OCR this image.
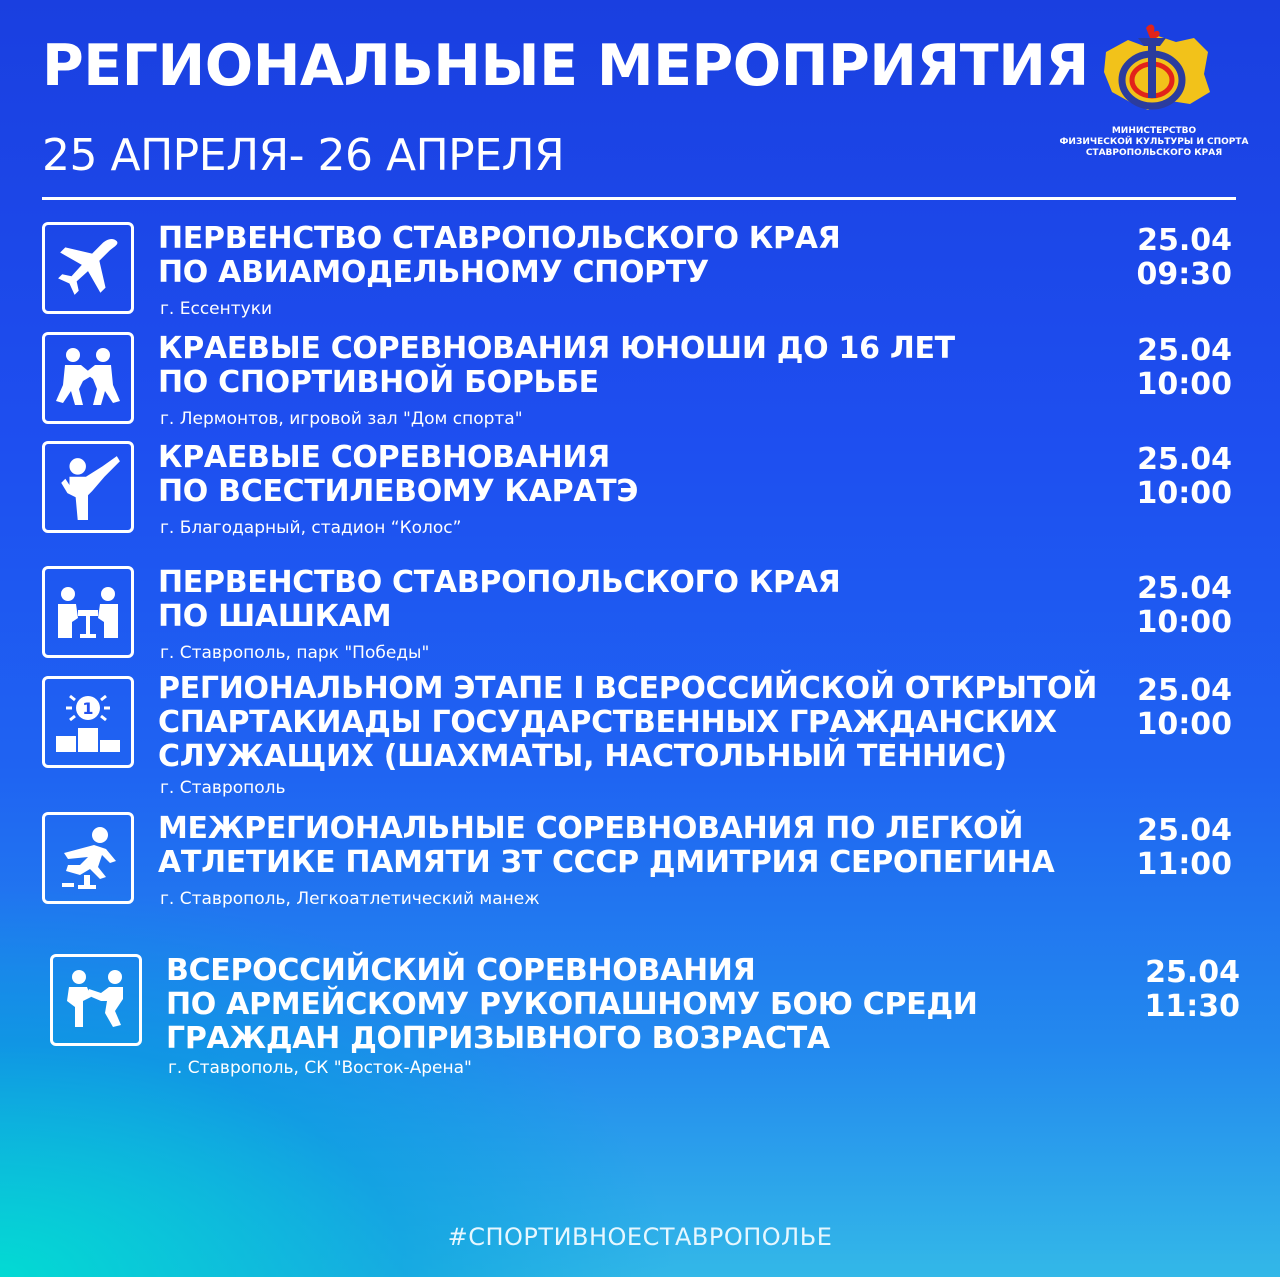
РЕГИОНАЛЬНЫЕ МЕРОПРИЯТИЯ
25 АПРЕЛЯ- 26 АПРЕЛЯ	МИНИСТЕРСТВО
ФИЗИЧЕСКОЙ КУЛЬТУРЫ И СПОРТА
СТАВРОПОЛЬСКОГО КРАЯ
ПЕРВЕНСТВО СТАВРОПОЛЬСКОГО КРАЯ
ПО АВИАМОДЕЛЬНОМУ СПОРТУ
г. Ессентуки
25.04
09:30
КРАЕВЫЕ СОРЕВНОВАНИЯ ЮНОШИ ДО 16 ЛЕТ
ПО СПОРТИВНОЙ БОРЬБЕ
г. Лермонтов, игровой зал "Дом спорта"
25.04
10:00
КРАЕВЫЕ СОРЕВНОВАНИЯ
ПО ВСЕСТИЛЕВОМУ КАРАТЭ
г. Благодарный, стадион “Колос”
25.04
10:00
ПЕРВЕНСТВО СТАВРОПОЛЬСКОГО КРАЯ
ПО ШАШКАМ
г. Ставрополь, парк "Победы"
25.04
10:00
1
РЕГИОНАЛЬНОМ ЭТАПЕ I ВСЕРОССИЙСКОЙ ОТКРЫТОЙ
СПАРТАКИАДЫ ГОСУДАРСТВЕННЫХ ГРАЖДАНСКИХ
СЛУЖАЩИХ (ШАХМАТЫ, НАСТОЛЬНЫЙ ТЕННИС)
г. Ставрополь
25.04
10:00
МЕЖРЕГИОНАЛЬНЫЕ СОРЕВНОВАНИЯ ПО ЛЕГКОЙ
АТЛЕТИКЕ ПАМЯТИ ЗТ СССР ДМИТРИЯ СЕРОПЕГИНА
г. Ставрополь, Легкоатлетический манеж
25.04
11:00
ВСЕРОССИЙСКИЙ СОРЕВНОВАНИЯ
ПО АРМЕЙСКОМУ РУКОПАШНОМУ БОЮ СРЕДИ
ГРАЖДАН ДОПРИЗЫВНОГО ВОЗРАСТА
г. Ставрополь, СК "Восток-Арена"
25.04
11:30
#СПОРТИВНОЕСТАВРОПОЛЬЕ
